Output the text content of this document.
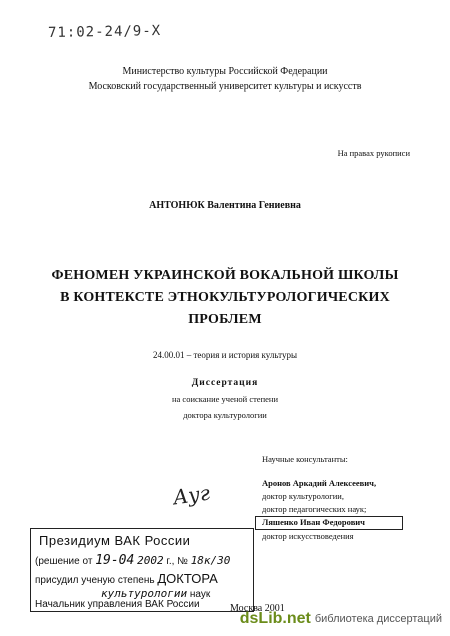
71:02-24/9-X
Министерство культуры Российской Федерации
Московский государственный университет культуры и искусств
На правах рукописи
АНТОНЮК Валентина Гениевна
ФЕНОМЕН УКРАИНСКОЙ ВОКАЛЬНОЙ ШКОЛЫ
В КОНТЕКСТЕ ЭТНОКУЛЬТУРОЛОГИЧЕСКИХ
ПРОБЛЕМ
24.00.01 – теория и история культуры
Диссертация
на соискание ученой степени
доктора культурологии
Научные консультанты:
Аронов Аркадий Алексеевич,
доктор культурологии,
доктор педагогических наук;
Ляшенко Иван Федорович
доктор искусствоведения
Ауг
Президиум ВАК России
(решение от 19-04 2002 г., № 18к/30
присудил ученую степень ДОКТОРА
культурологии наук
Начальник управления ВАК России	Москва 2001
dsLib.net библиотека диссертаций
